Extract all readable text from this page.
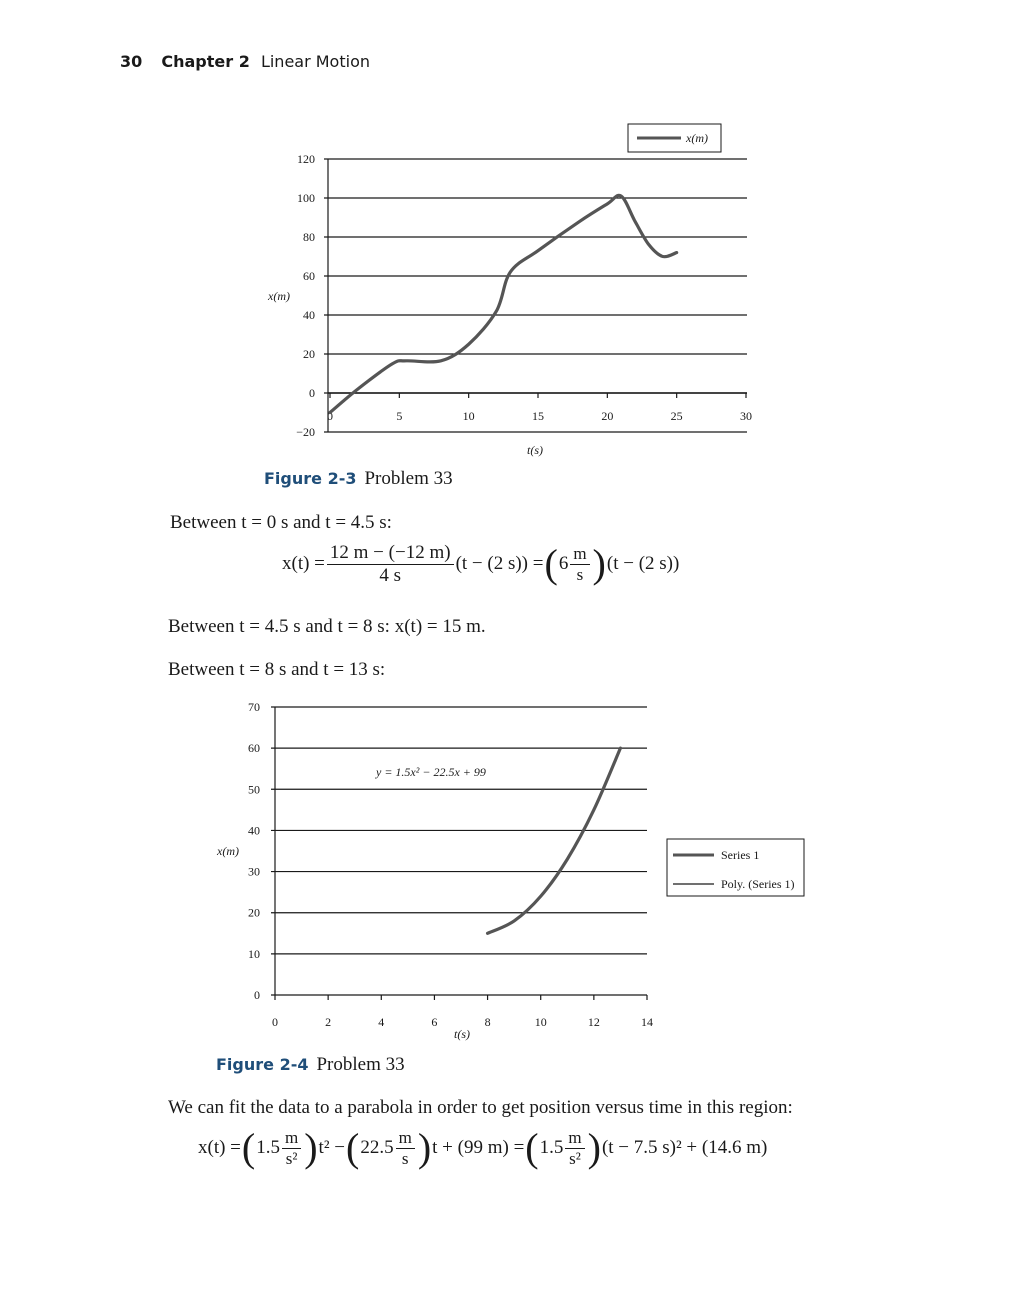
30 Chapter 2 Linear Motion
−20
0
20
40
60
80
100
120
0	5	10	15	20	25	30
x(m)
t(s)
x(m)
Figure 2-3 Problem 33
Between t = 0 s and t = 4.5 s:
$x(t) = \frac{12 m - (-12 m)}{4 s} (t - (2$ s)) = ( $6 \frac{m}{s}$ ) (t − (2 s))
Between t = 4.5 s and t = 8 s: x(t) = 15 m.
Between t = 8 s and t = 13 s:
0
10
20
30
40
50
60
70
0	2	4	6	8	10	12	14
x(m)
t(s)
y = 1.5x² − 22.5x + 99
Series 1
Poly. (Series 1)
Figure 2-4 Problem 33
We can fit the data to a parabola in order to get position versus time in this region:
x(t) = ( $1.5 \frac{m}{\text{s²}}$ ) t² − ( $22.5 \frac{m}{s}$ ) t + (99 m) = ( $1.5 \frac{m}{\text{s²}}$ ) (t − 7.5 s)² + (14.6 m)
